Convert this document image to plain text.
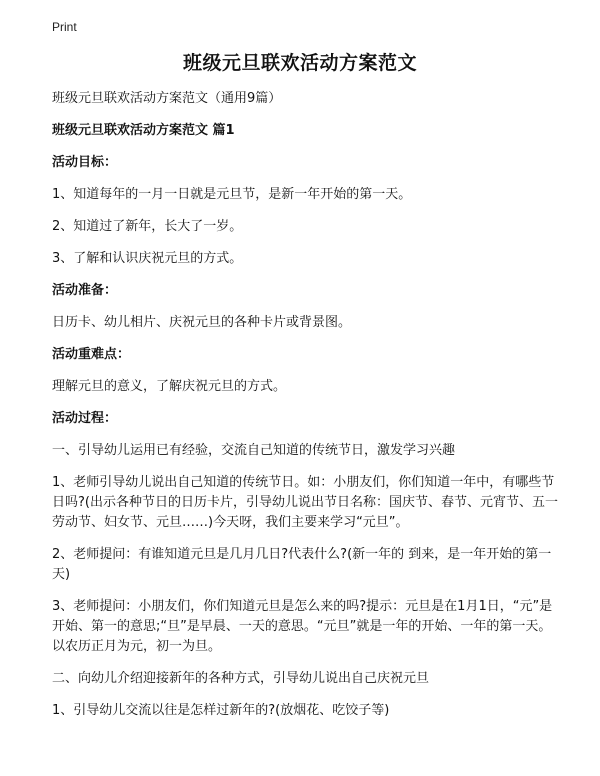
Print
班级元旦联欢活动方案范文

班级元旦联欢活动方案范文（通用9篇）

班级元旦联欢活动方案范文 篇1

活动目标：

1、知道每年的一月一日就是元旦节，是新一年开始的第一天。

2、知道过了新年，长大了一岁。

3、了解和认识庆祝元旦的方式。

活动准备：

日历卡、幼儿相片、庆祝元旦的各种卡片或背景图。

活动重难点：

理解元旦的意义，了解庆祝元旦的方式。

活动过程：

一、引导幼儿运用已有经验，交流自己知道的传统节日，激发学习兴趣

1、老师引导幼儿说出自己知道的传统节日。如：小朋友们，你们知道一年中，有哪些节日吗?(出示各种节日的日历卡片，引导幼儿说出节日名称：国庆节、春节、元宵节、五一劳动节、妇女节、元旦……)今天呀，我们主要来学习“元旦”。

2、老师提问：有谁知道元旦是几月几日?代表什么?(新一年的 到来，是一年开始的第一天)

3、老师提问：小朋友们，你们知道元旦是怎么来的吗?提示：元旦是在1月1日，“元”是开始、第一的意思;“旦”是早晨、一天的意思。“元旦”就是一年的开始、一年的第一天。以农历正月为元，初一为旦。

二、向幼儿介绍迎接新年的各种方式，引导幼儿说出自己庆祝元旦

1、引导幼儿交流以往是怎样过新年的?(放烟花、吃饺子等)
